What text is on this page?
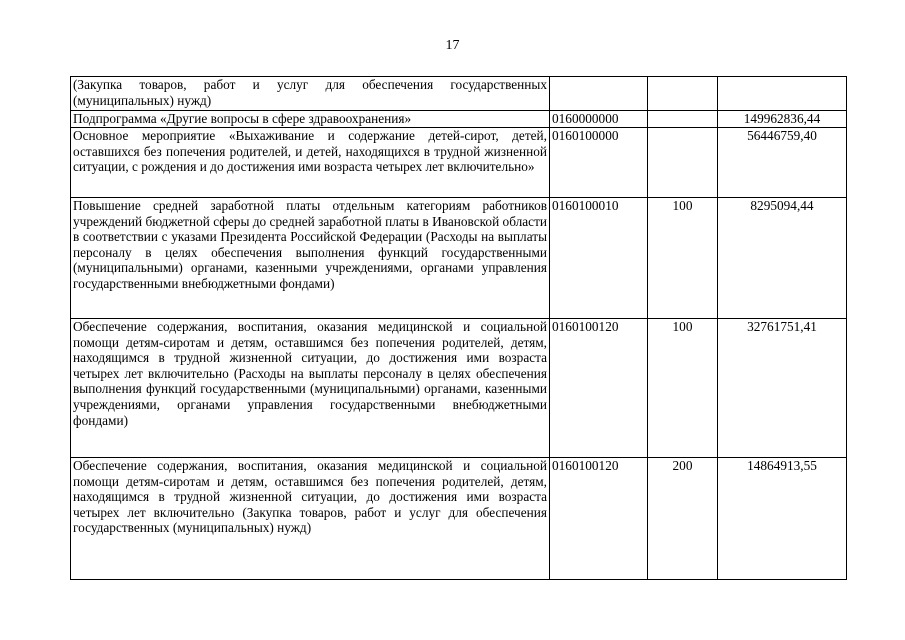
17
(Закупка товаров, работ и услуг для обеспечения государственных (муниципальных) нужд)			
Подпрограмма «Другие вопросы в сфере здравоохранения»	0160000000		149962836,44
Основное мероприятие «Выхаживание и содержание детей-сирот, детей, оставшихся без попечения родителей, и детей, находящихся в трудной жизненной ситуации, с рождения и до достижения ими возраста четырех лет включительно»	0160100000		56446759,40
Повышение средней заработной платы отдельным категориям работников учреждений бюджетной сферы до средней заработной платы в Ивановской области в соответствии с указами Президента Российской Федерации (Расходы на выплаты персоналу в целях обеспечения выполнения функций государственными (муниципальными) органами, казенными учреждениями, органами управления государственными внебюджетными фондами)	0160100010	100	8295094,44
Обеспечение содержания, воспитания, оказания медицинской и социальной помощи детям-сиротам и детям, оставшимся без попечения родителей, детям, находящимся в трудной жизненной ситуации, до достижения ими возраста четырех лет включительно (Расходы на выплаты персоналу в целях обеспечения выполнения функций государственными (муниципальными) органами, казенными учреждениями, органами управления государственными внебюджетными фондами)	0160100120	100	32761751,41
Обеспечение содержания, воспитания, оказания медицинской и социальной помощи детям-сиротам и детям, оставшимся без попечения родителей, детям, находящимся в трудной жизненной ситуации, до достижения ими возраста четырех лет включительно (Закупка товаров, работ и услуг для обеспечения государственных (муниципальных) нужд)	0160100120	200	14864913,55
